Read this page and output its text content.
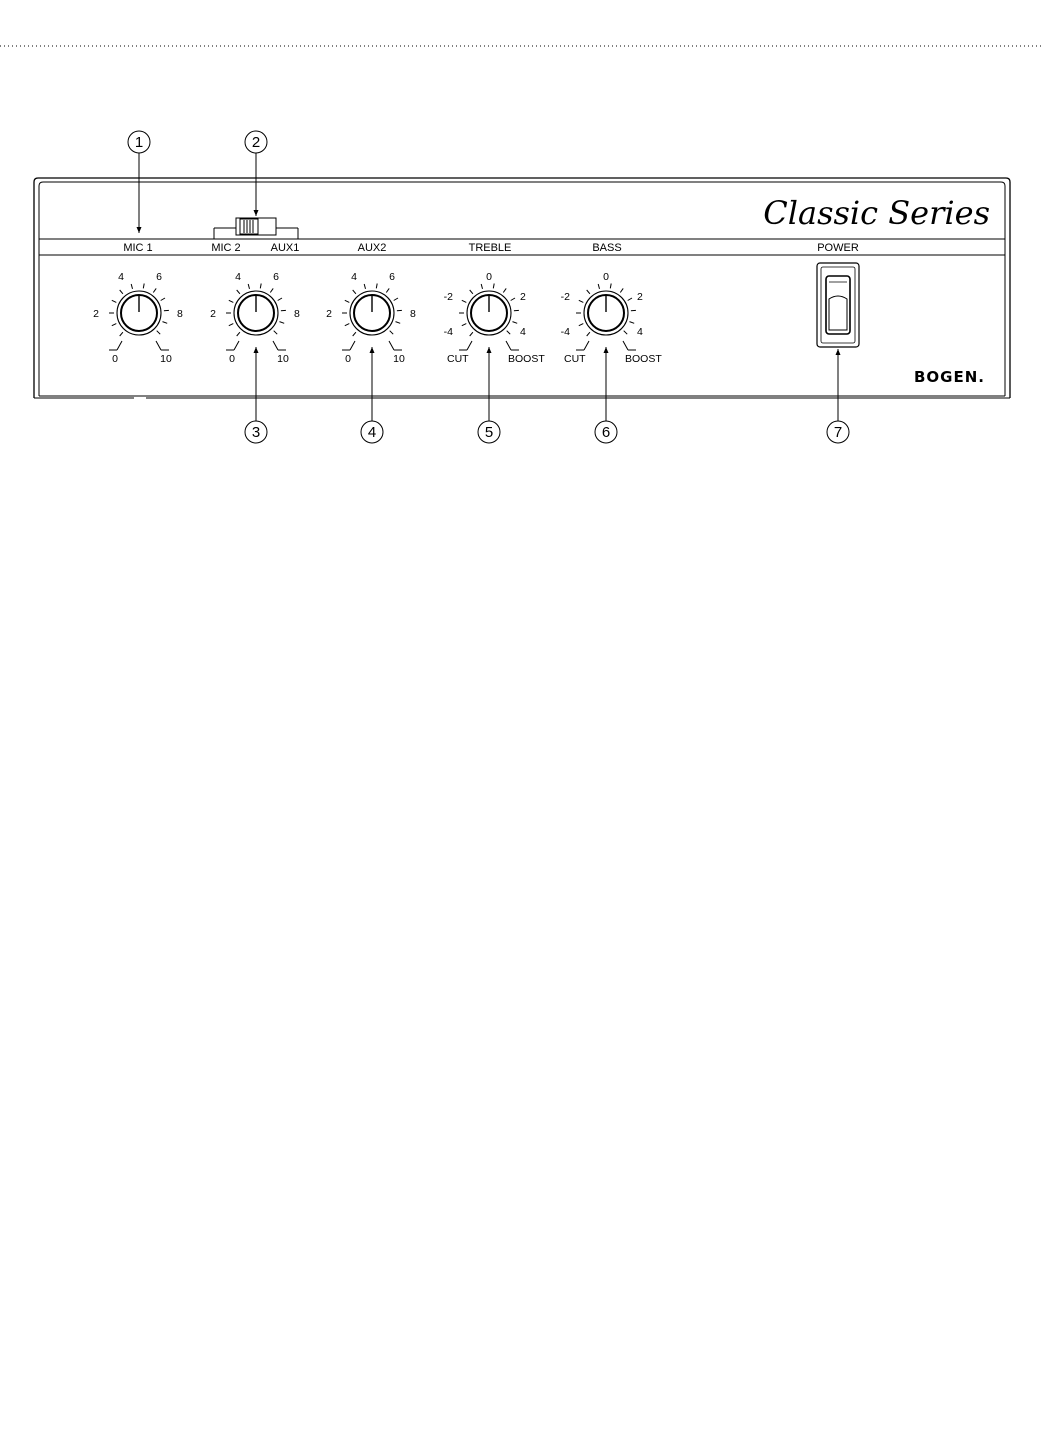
Classic Series
BOGEN.
MIC 1	MIC 2	AUX1	AUX2	TREBLE	BASS	POWER
0
2
4	6
8
10	0
2
4	6
8
10	0
2
4	6
8
10
-4
-2
0
2
4
CUT	BOOST
-4
-2
0
2
4
CUT	BOOST
1	2
3	4	5	6	7
